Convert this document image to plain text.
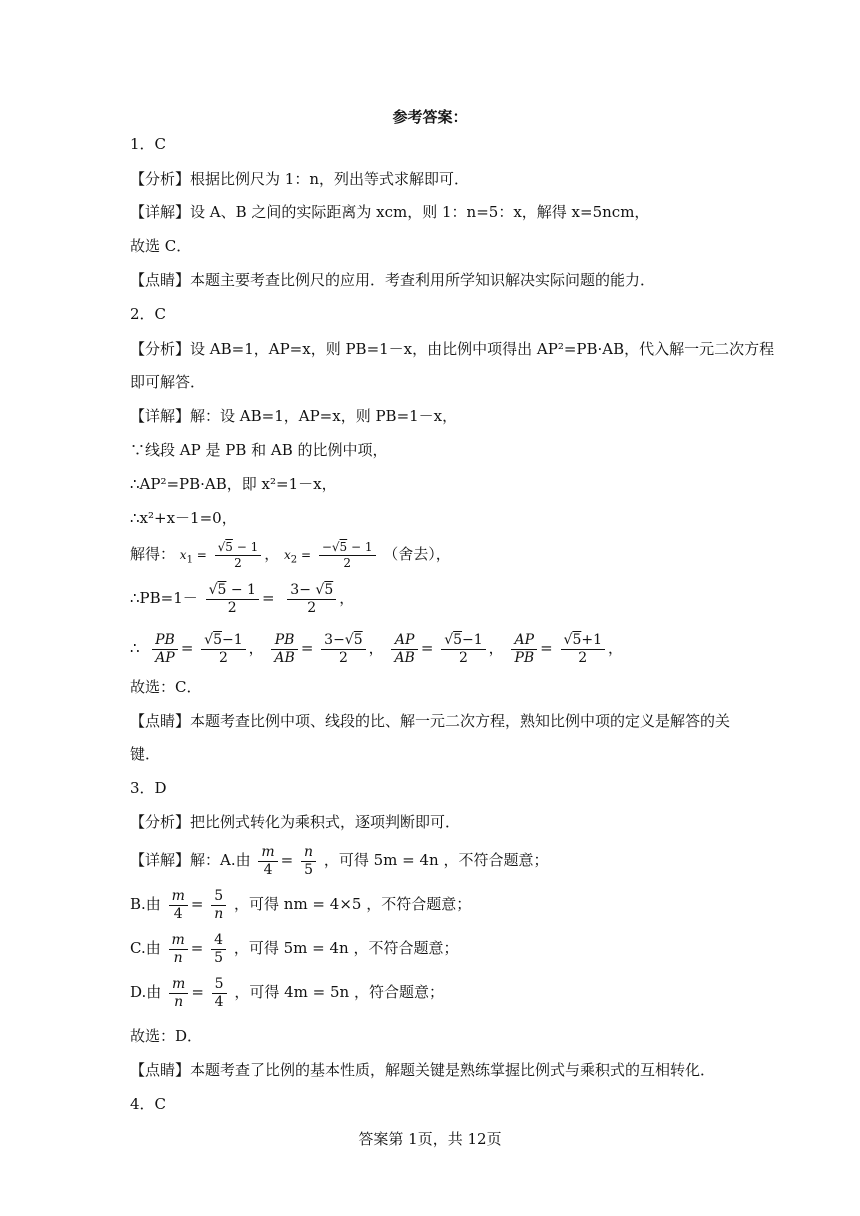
参考答案：
1．C
【分析】根据比例尺为 1：n，列出等式求解即可．
【详解】设 A、B 之间的实际距离为 xcm，则 1：n=5：x，解得 x=5ncm，
故选 C．
【点睛】本题主要考查比例尺的应用．考查利用所学知识解决实际问题的能力．
2．C
【分析】设 AB=1，AP=x，则 PB=1－x，由比例中项得出 AP²=PB·AB，代入解一元二次方程
即可解答．
【详解】解：设 AB=1，AP=x，则 PB=1－x，
∵线段 AP 是 PB 和 AB 的比例中项，
∴AP²=PB·AB，即 x²=1－x，
∴x²+x－1=0，
解得： $x_1 = \frac{√5 - 1}{2}$ ， $x_2 = \frac{-√5 - 1}{2}$ （舍去），
∴PB=1－ $\frac{√5 - 1}{2} = \frac{3- √5}{2}$ ，
∴ $\frac{PB}{AP} = \frac{√5-1}{2}$ ， $\frac{PB}{AB} = \frac{3-√5}{2}$ ， $\frac{AP}{AB} = \frac{√5-1}{2}$ ， $\frac{AP}{PB} = \frac{√5+1}{2}$ ，
故选：C．
【点睛】本题考查比例中项、线段的比、解一元二次方程，熟知比例中项的定义是解答的关
键．
3．D
【分析】把比例式转化为乘积式，逐项判断即可．
【详解】解：A.由 $\frac{m}{4} = \frac{n}{5}$ ，可得 5m = 4n ，不符合题意；
B.由 $\frac{m}{4} = \frac{5}{n}$ ，可得 nm = 4×5 ，不符合题意；
C.由 $\frac{m}{n} = \frac{4}{5}$ ，可得 5m = 4n ，不符合题意；
D.由 $\frac{m}{n} = \frac{5}{4}$ ，可得 4m = 5n ，符合题意；
故选：D．
【点睛】本题考查了比例的基本性质，解题关键是熟练掌握比例式与乘积式的互相转化．
4．C
答案第 1页，共 12页
